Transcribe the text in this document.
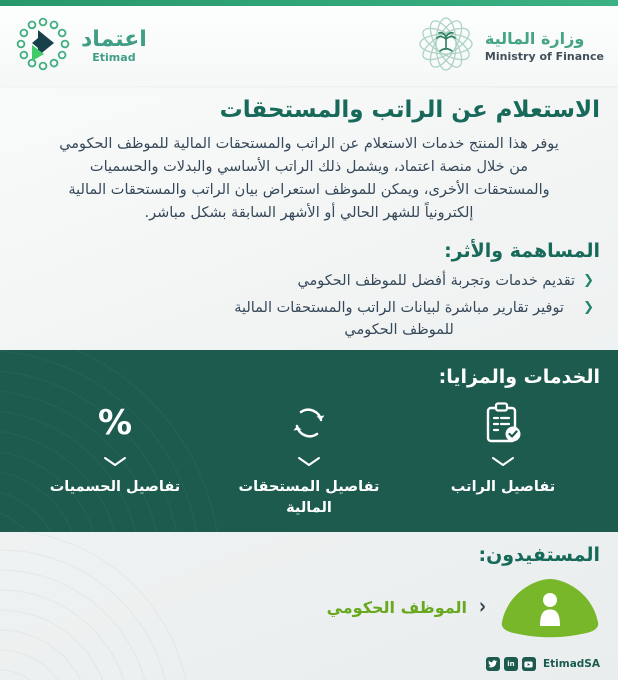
وزارة المالية
Ministry of Finance
اعتماد
Etimad
الاستعلام عن الراتب والمستحقات

يوفر هذا المنتج خدمات الاستعلام عن الراتب والمستحقات المالية للموظف الحكومي من خلال منصة اعتماد، ويشمل ذلك الراتب الأساسي والبدلات والحسميات والمستحقات الأخرى، ويمكن للموظف استعراض بيان الراتب والمستحقات المالية إلكترونياً للشهر الحالي أو الأشهر السابقة بشكل مباشر.

المساهمة والأثر:
❮
تقديم خدمات وتجربة أفضل للموظف الحكومي
❮
توفير تقارير مباشرة لبيانات الراتب والمستحقات المالية للموظف الحكومي
الخدمات والمزايا:
تفاصيل الراتب
تفاصيل المستحقات المالية
%
تفاصيل الحسميات
المستفيدون:
‹
الموظف الحكومي
in	EtimadSA
